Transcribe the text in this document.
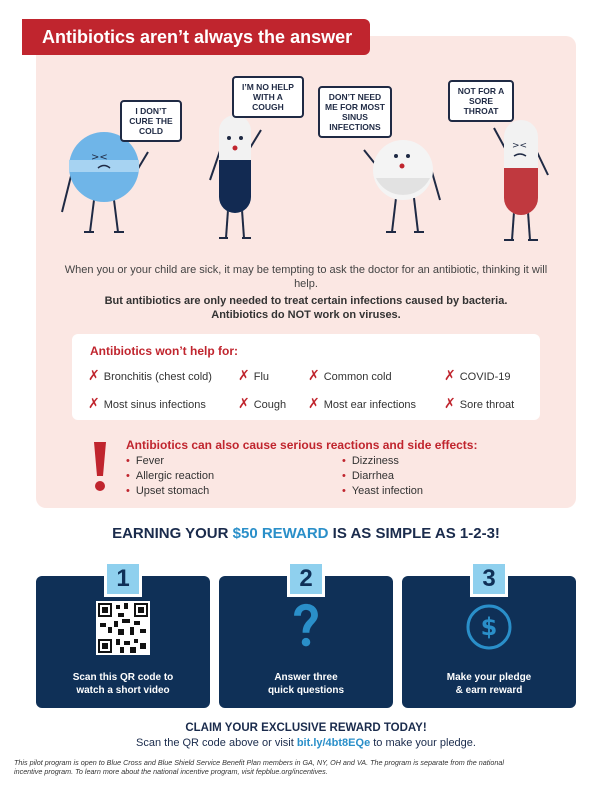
Antibiotics aren’t always the answer
><
><
I DON’T CURE THE COLD
I’M NO HELP WITH A COUGH
DON’T NEED ME FOR MOST SINUS INFECTIONS
NOT FOR A SORE THROAT
When you or your child are sick, it may be tempting to ask the doctor for an antibiotic, thinking it will help.
But antibiotics are only needed to treat certain infections caused by bacteria.
Antibiotics do NOT work on viruses.
Antibiotics won’t help for:
✗ Bronchitis (chest cold) ✗ Flu	✗ Common cold	✗ COVID-19
✗ Most sinus infections ✗ Cough ✗ Most ear infections ✗ Sore throat
Antibiotics can also cause serious reactions and side effects:
• Fever
• Allergic reaction
• Upset stomach
• Dizziness
• Diarrhea
• Yeast infection
EARNING YOUR $50 REWARD IS AS SIMPLE AS 1-2-3!
1
Scan this QR code to
watch a short video
2
Answer three
quick questions
3
$
Make your pledge
& earn reward
CLAIM YOUR EXCLUSIVE REWARD TODAY!
Scan the QR code above or visit bit.ly/4bt8EQe to make your pledge.
This pilot program is open to Blue Cross and Blue Shield Service Benefit Plan members in GA, NY, OH and VA. The program is separate from the national
incentive program. To learn more about the national incentive program, visit fepblue.org/incentives.
